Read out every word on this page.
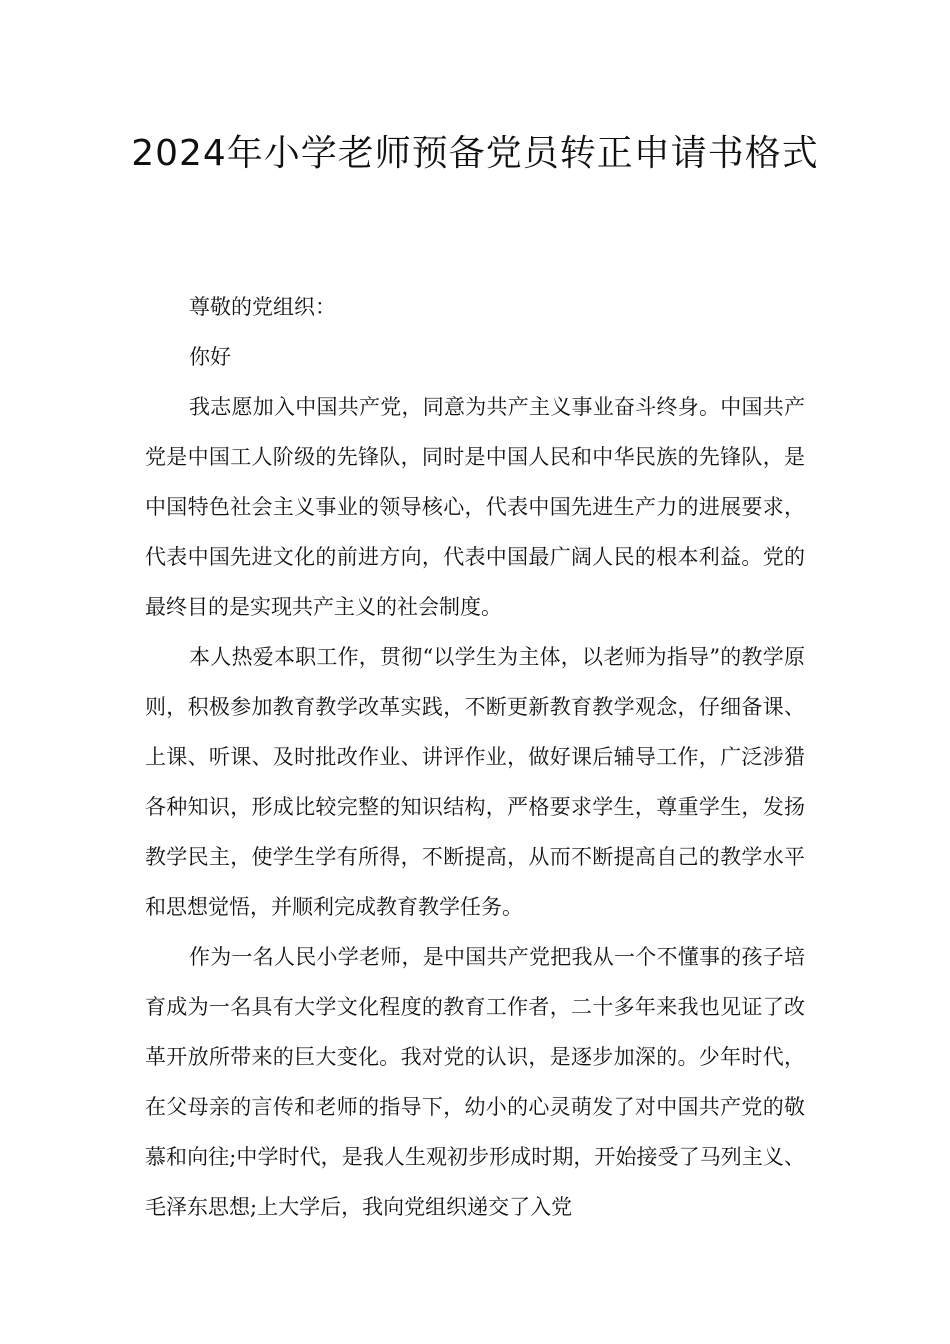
2024年小学老师预备党员转正申请书格式

尊敬的党组织：

你好

我志愿加入中国共产党，同意为共产主义事业奋斗终身。中国共产党是中国工人阶级的先锋队，同时是中国人民和中华民族的先锋队，是中国特色社会主义事业的领导核心，代表中国先进生产力的进展要求，代表中国先进文化的前进方向，代表中国最广阔人民的根本利益。党的最终目的是实现共产主义的社会制度。

本人热爱本职工作，贯彻“以学生为主体，以老师为指导”的教学原则，积极参加教育教学改革实践，不断更新教育教学观念，仔细备课、上课、听课、及时批改作业、讲评作业，做好课后辅导工作，广泛涉猎各种知识，形成比较完整的知识结构，严格要求学生，尊重学生，发扬教学民主，使学生学有所得，不断提高，从而不断提高自己的教学水平和思想觉悟，并顺利完成教育教学任务。

作为一名人民小学老师，是中国共产党把我从一个不懂事的孩子培育成为一名具有大学文化程度的教育工作者，二十多年来我也见证了改革开放所带来的巨大变化。我对党的认识，是逐步加深的。少年时代，在父母亲的言传和老师的指导下，幼小的心灵萌发了对中国共产党的敬慕和向往;中学时代，是我人生观初步形成时期，开始接受了马列主义、毛泽东思想;上大学后，我向党组织递交了入党
